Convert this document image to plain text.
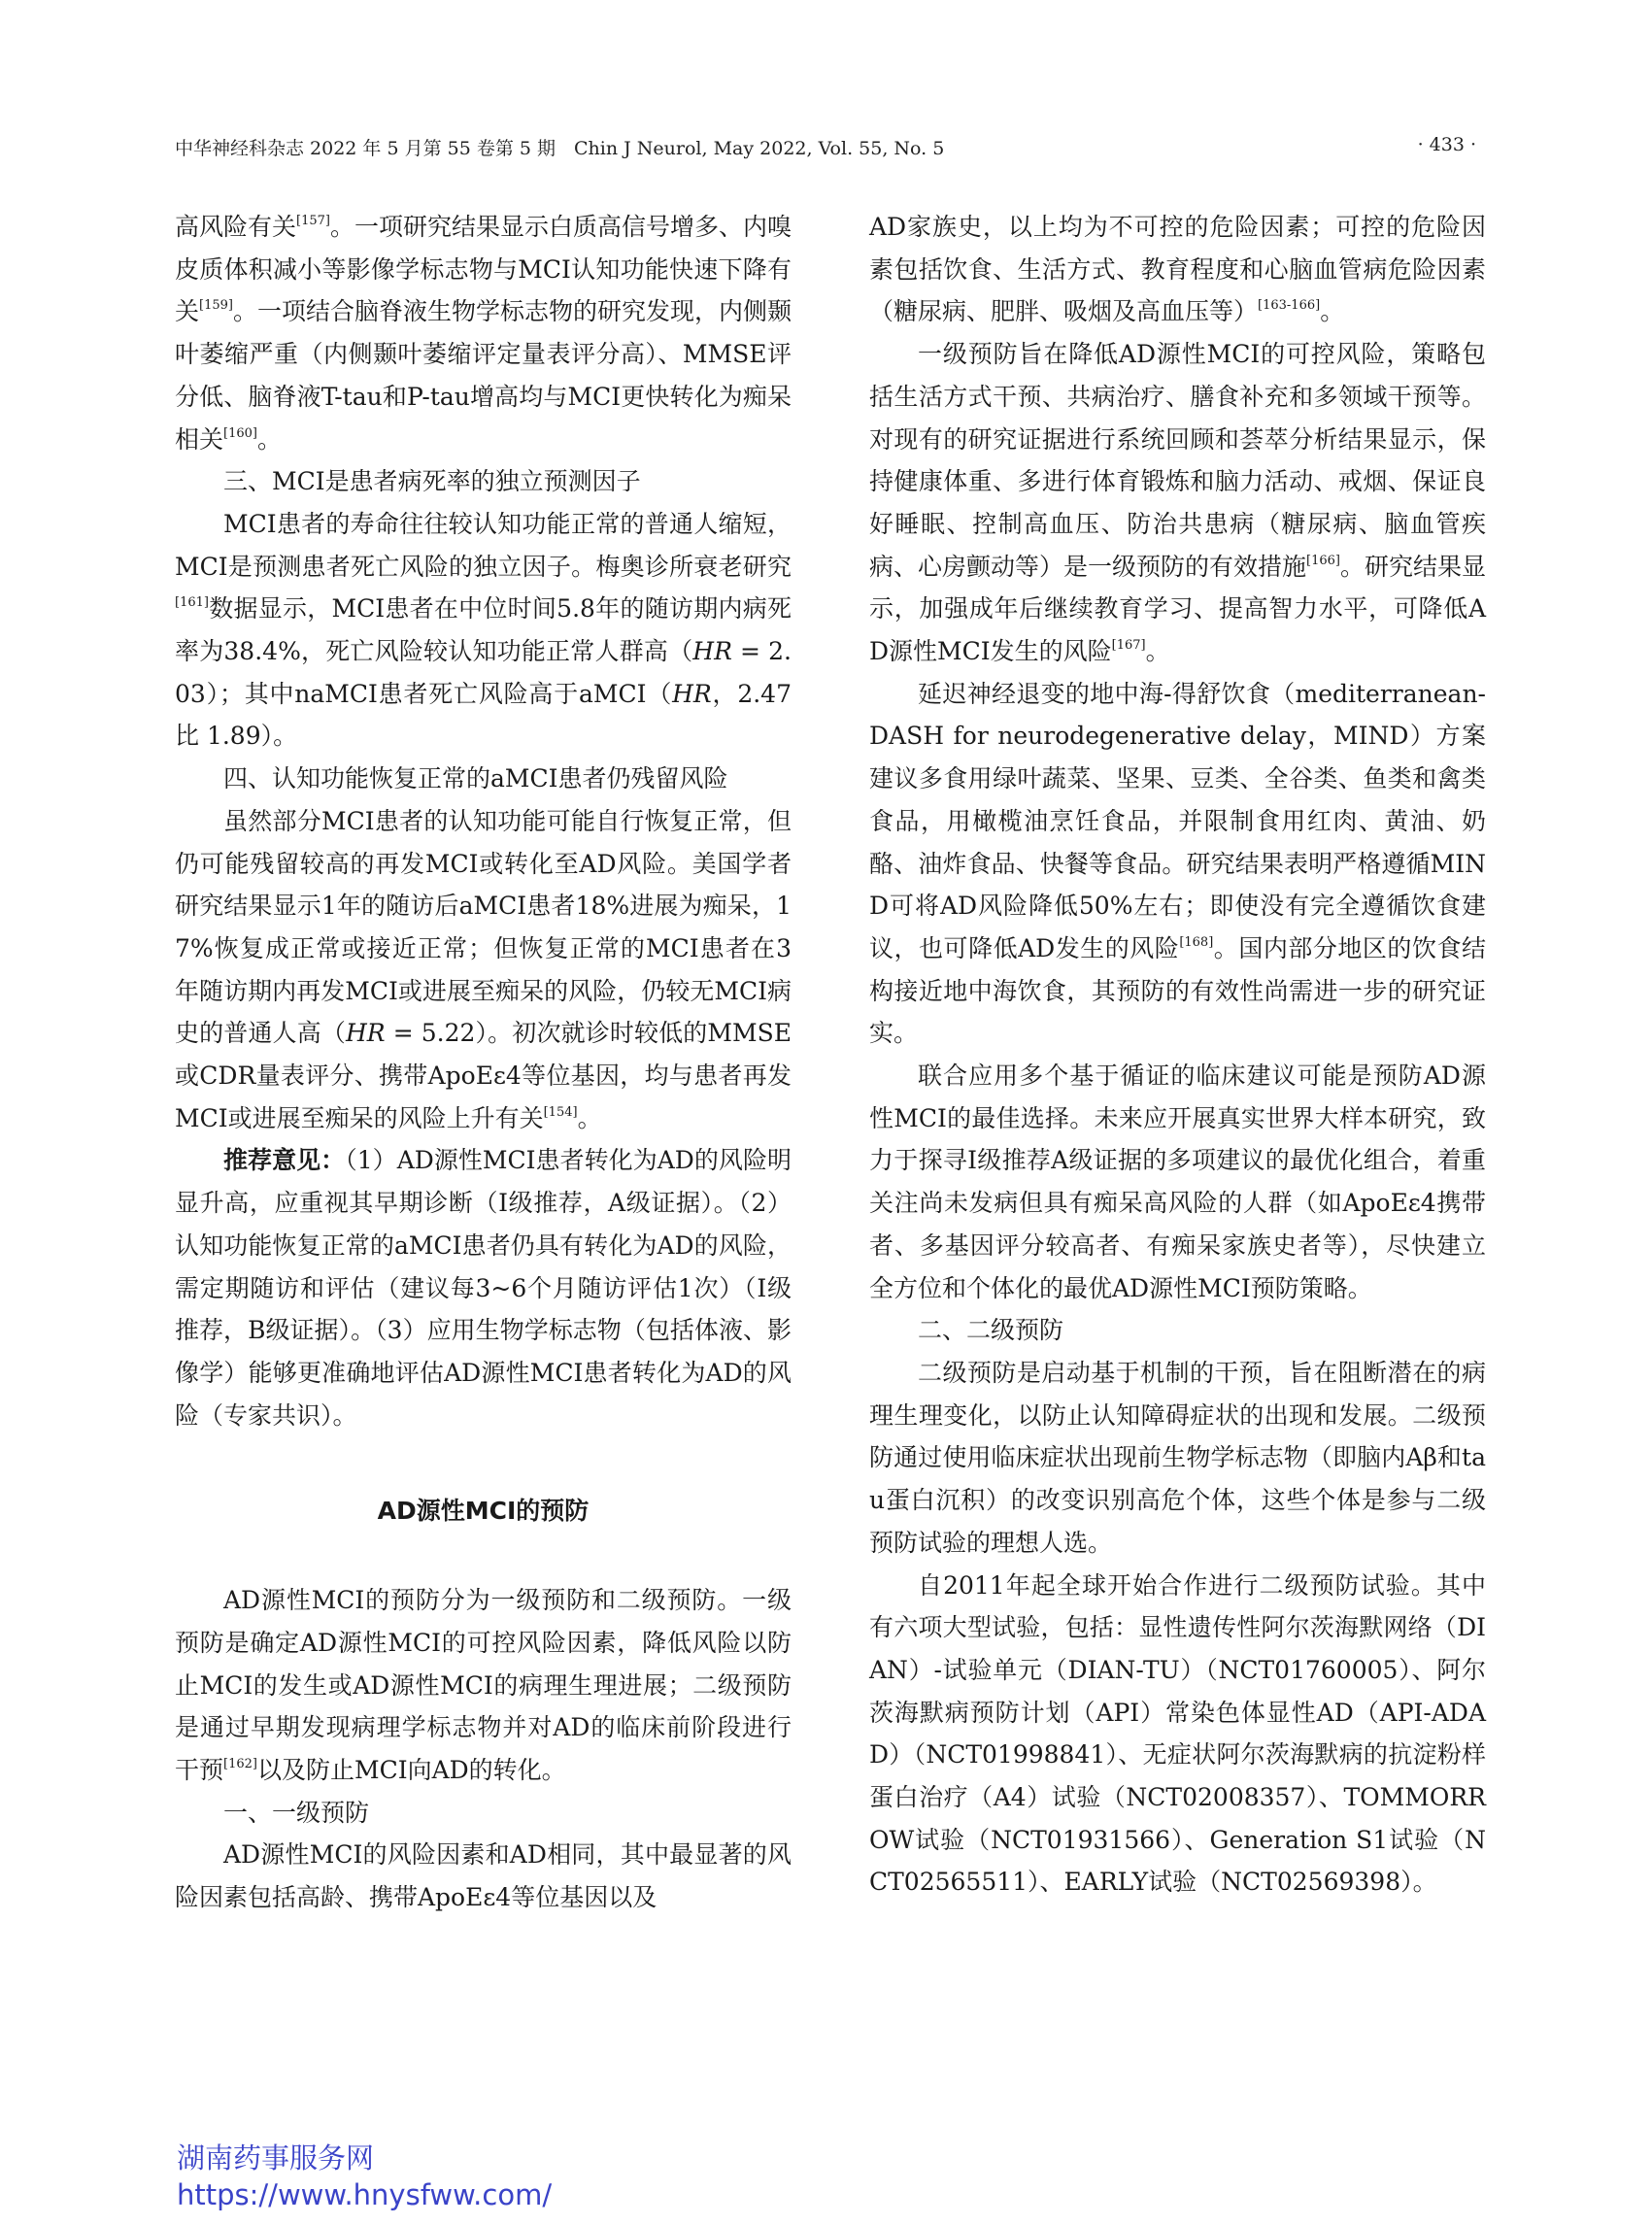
中华神经科杂志 2022 年 5 月第 55 卷第 5 期　Chin J Neurol, May 2022, Vol. 55, No. 5	· 433 ·

高风险有关[157]。一项研究结果显示白质高信号增多、内嗅皮质体积减小等影像学标志物与MCI认知功能快速下降有关[159]。一项结合脑脊液生物学标志物的研究发现，内侧颞叶萎缩严重（内侧颞叶萎缩评定量表评分高）、MMSE评分低、脑脊液T-tau和P-tau增高均与MCI更快转化为痴呆相关[160]。

三、MCI是患者病死率的独立预测因子

MCI患者的寿命往往较认知功能正常的普通人缩短，MCI是预测患者死亡风险的独立因子。梅奥诊所衰老研究[161]数据显示，MCI患者在中位时间5.8年的随访期内病死率为38.4%，死亡风险较认知功能正常人群高（HR = 2.03）；其中naMCI患者死亡风险高于aMCI（HR，2.47 比 1.89）。

四、认知功能恢复正常的aMCI患者仍残留风险

虽然部分MCI患者的认知功能可能自行恢复正常，但仍可能残留较高的再发MCI或转化至AD风险。美国学者研究结果显示1年的随访后aMCI患者18%进展为痴呆，17%恢复成正常或接近正常；但恢复正常的MCI患者在3年随访期内再发MCI或进展至痴呆的风险，仍较无MCI病史的普通人高（HR = 5.22）。初次就诊时较低的MMSE或CDR量表评分、携带ApoEε4等位基因，均与患者再发MCI或进展至痴呆的风险上升有关[154]。

推荐意见：（1）AD源性MCI患者转化为AD的风险明显升高，应重视其早期诊断（Ⅰ级推荐，A级证据）。（2）认知功能恢复正常的aMCI患者仍具有转化为AD的风险，需定期随访和评估（建议每3~6个月随访评估1次）（Ⅰ级推荐，B级证据）。（3）应用生物学标志物（包括体液、影像学）能够更准确地评估AD源性MCI患者转化为AD的风险（专家共识）。

AD源性MCI的预防

AD源性MCI的预防分为一级预防和二级预防。一级预防是确定AD源性MCI的可控风险因素，降低风险以防止MCI的发生或AD源性MCI的病理生理进展；二级预防是通过早期发现病理学标志物并对AD的临床前阶段进行干预[162]以及防止MCI向AD的转化。

一、一级预防

AD源性MCI的风险因素和AD相同，其中最显著的风险因素包括高龄、携带ApoEε4等位基因以及

AD家族史，以上均为不可控的危险因素；可控的危险因素包括饮食、生活方式、教育程度和心脑血管病危险因素（糖尿病、肥胖、吸烟及高血压等）[163-166]。

一级预防旨在降低AD源性MCI的可控风险，策略包括生活方式干预、共病治疗、膳食补充和多领域干预等。对现有的研究证据进行系统回顾和荟萃分析结果显示，保持健康体重、多进行体育锻炼和脑力活动、戒烟、保证良好睡眠、控制高血压、防治共患病（糖尿病、脑血管疾病、心房颤动等）是一级预防的有效措施[166]。研究结果显示，加强成年后继续教育学习、提高智力水平，可降低AD源性MCI发生的风险[167]。

延迟神经退变的地中海-得舒饮食（mediterranean-DASH for neurodegenerative delay，MIND）方案建议多食用绿叶蔬菜、坚果、豆类、全谷类、鱼类和禽类食品，用橄榄油烹饪食品，并限制食用红肉、黄油、奶酪、油炸食品、快餐等食品。研究结果表明严格遵循MIND可将AD风险降低50%左右；即使没有完全遵循饮食建议，也可降低AD发生的风险[168]。国内部分地区的饮食结构接近地中海饮食，其预防的有效性尚需进一步的研究证实。

联合应用多个基于循证的临床建议可能是预防AD源性MCI的最佳选择。未来应开展真实世界大样本研究，致力于探寻Ⅰ级推荐A级证据的多项建议的最优化组合，着重关注尚未发病但具有痴呆高风险的人群（如ApoEε4携带者、多基因评分较高者、有痴呆家族史者等），尽快建立全方位和个体化的最优AD源性MCI预防策略。

二、二级预防

二级预防是启动基于机制的干预，旨在阻断潜在的病理生理变化，以防止认知障碍症状的出现和发展。二级预防通过使用临床症状出现前生物学标志物（即脑内Aβ和tau蛋白沉积）的改变识别高危个体，这些个体是参与二级预防试验的理想人选。

自2011年起全球开始合作进行二级预防试验。其中有六项大型试验，包括：显性遗传性阿尔茨海默网络（DIAN）-试验单元（DIAN-TU）（NCT01760005）、阿尔茨海默病预防计划（API）常染色体显性AD（API-ADAD）（NCT01998841）、无症状阿尔茨海默病的抗淀粉样蛋白治疗（A4）试验（NCT02008357）、TOMMORROW试验（NCT01931566）、Generation S1试验（NCT02565511）、EARLY试验（NCT02569398）。

湖南药事服务网
https://www.hnysfww.com/
